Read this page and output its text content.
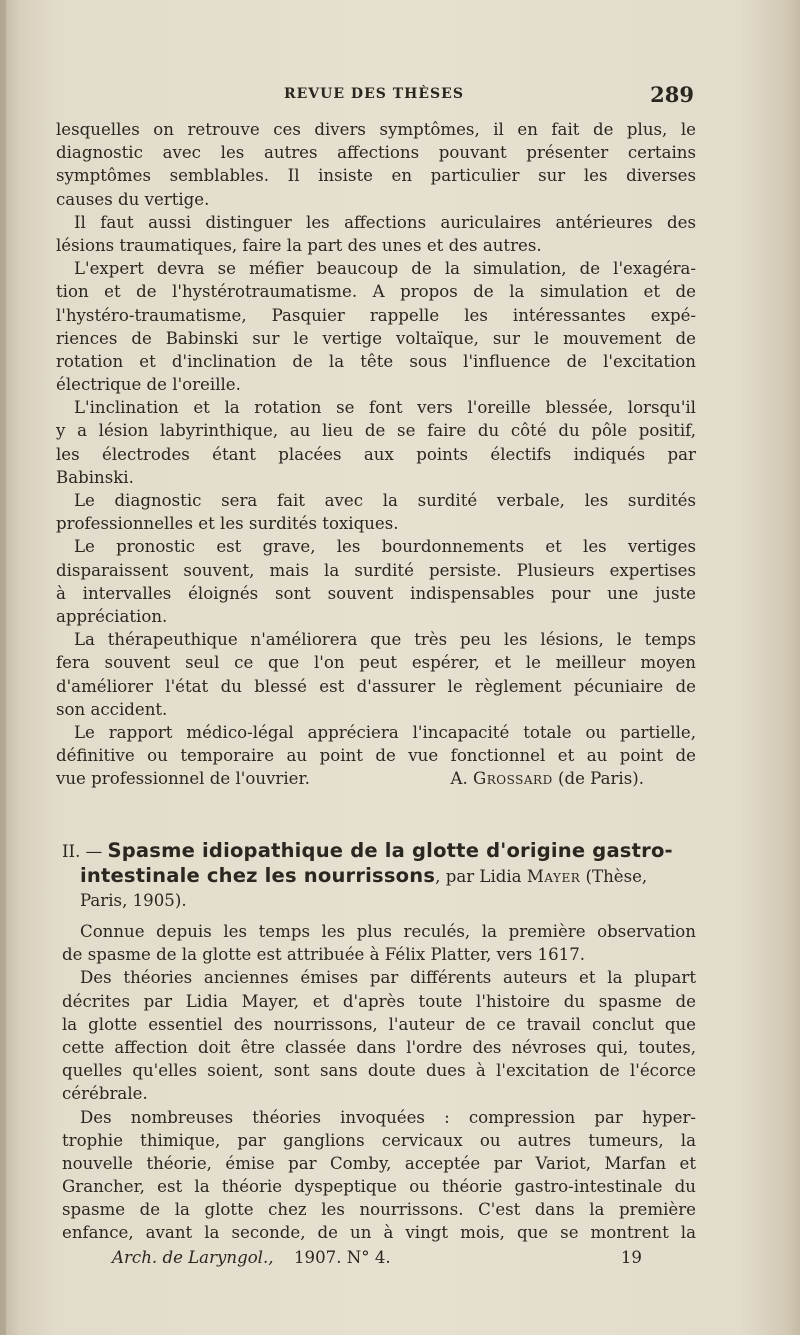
REVUE DES THÈSES	289
lesquelles on retrouve ces divers symptômes, il en fait de plus, le
diagnostic avec les autres affections pouvant présenter certains
symptômes semblables. Il insiste en particulier sur les diverses
causes du vertige.
Il faut aussi distinguer les affections auriculaires antérieures des
lésions traumatiques, faire la part des unes et des autres.
L'expert devra se méfier beaucoup de la simulation, de l'exagéra-
tion et de l'hystérotraumatisme. A propos de la simulation et de
l'hystéro-traumatisme, Pasquier rappelle les intéressantes expé-
riences de Babinski sur le vertige voltaïque, sur le mouvement de
rotation et d'inclination de la tête sous l'influence de l'excitation
électrique de l'oreille.
L'inclination et la rotation se font vers l'oreille blessée, lorsqu'il
y a lésion labyrinthique, au lieu de se faire du côté du pôle positif,
les électrodes étant placées aux points électifs indiqués par
Babinski.
Le diagnostic sera fait avec la surdité verbale, les surdités
professionnelles et les surdités toxiques.
Le pronostic est grave, les bourdonnements et les vertiges
disparaissent souvent, mais la surdité persiste. Plusieurs expertises
à intervalles éloignés sont souvent indispensables pour une juste
appréciation.
La thérapeuthique n'améliorera que très peu les lésions, le temps
fera souvent seul ce que l'on peut espérer, et le meilleur moyen
d'améliorer l'état du blessé est d'assurer le règlement pécuniaire de
son accident.
Le rapport médico-légal appréciera l'incapacité totale ou partielle,
définitive ou temporaire au point de vue fonctionnel et au point de
vue professionnel de l'ouvrier.	A. Grossard (de Paris).
II. — Spasme idiopathique de la glotte d'origine gastro-
intestinale chez les nourrissons, par Lidia Mayer (Thèse,
Paris, 1905).
Connue depuis les temps les plus reculés, la première observation
de spasme de la glotte est attribuée à Félix Platter, vers 1617.
Des théories anciennes émises par différents auteurs et la plupart
décrites par Lidia Mayer, et d'après toute l'histoire du spasme de
la glotte essentiel des nourrissons, l'auteur de ce travail conclut que
cette affection doit être classée dans l'ordre des névroses qui, toutes,
quelles qu'elles soient, sont sans doute dues à l'excitation de l'écorce
cérébrale.
Des nombreuses théories invoquées : compression par hyper-
trophie thimique, par ganglions cervicaux ou autres tumeurs, la
nouvelle théorie, émise par Comby, acceptée par Variot, Marfan et
Grancher, est la théorie dyspeptique ou théorie gastro-intestinale du
spasme de la glotte chez les nourrissons. C'est dans la première
enfance, avant la seconde, de un à vingt mois, que se montrent la
Arch. de Laryngol., 1907. N° 4.	19
